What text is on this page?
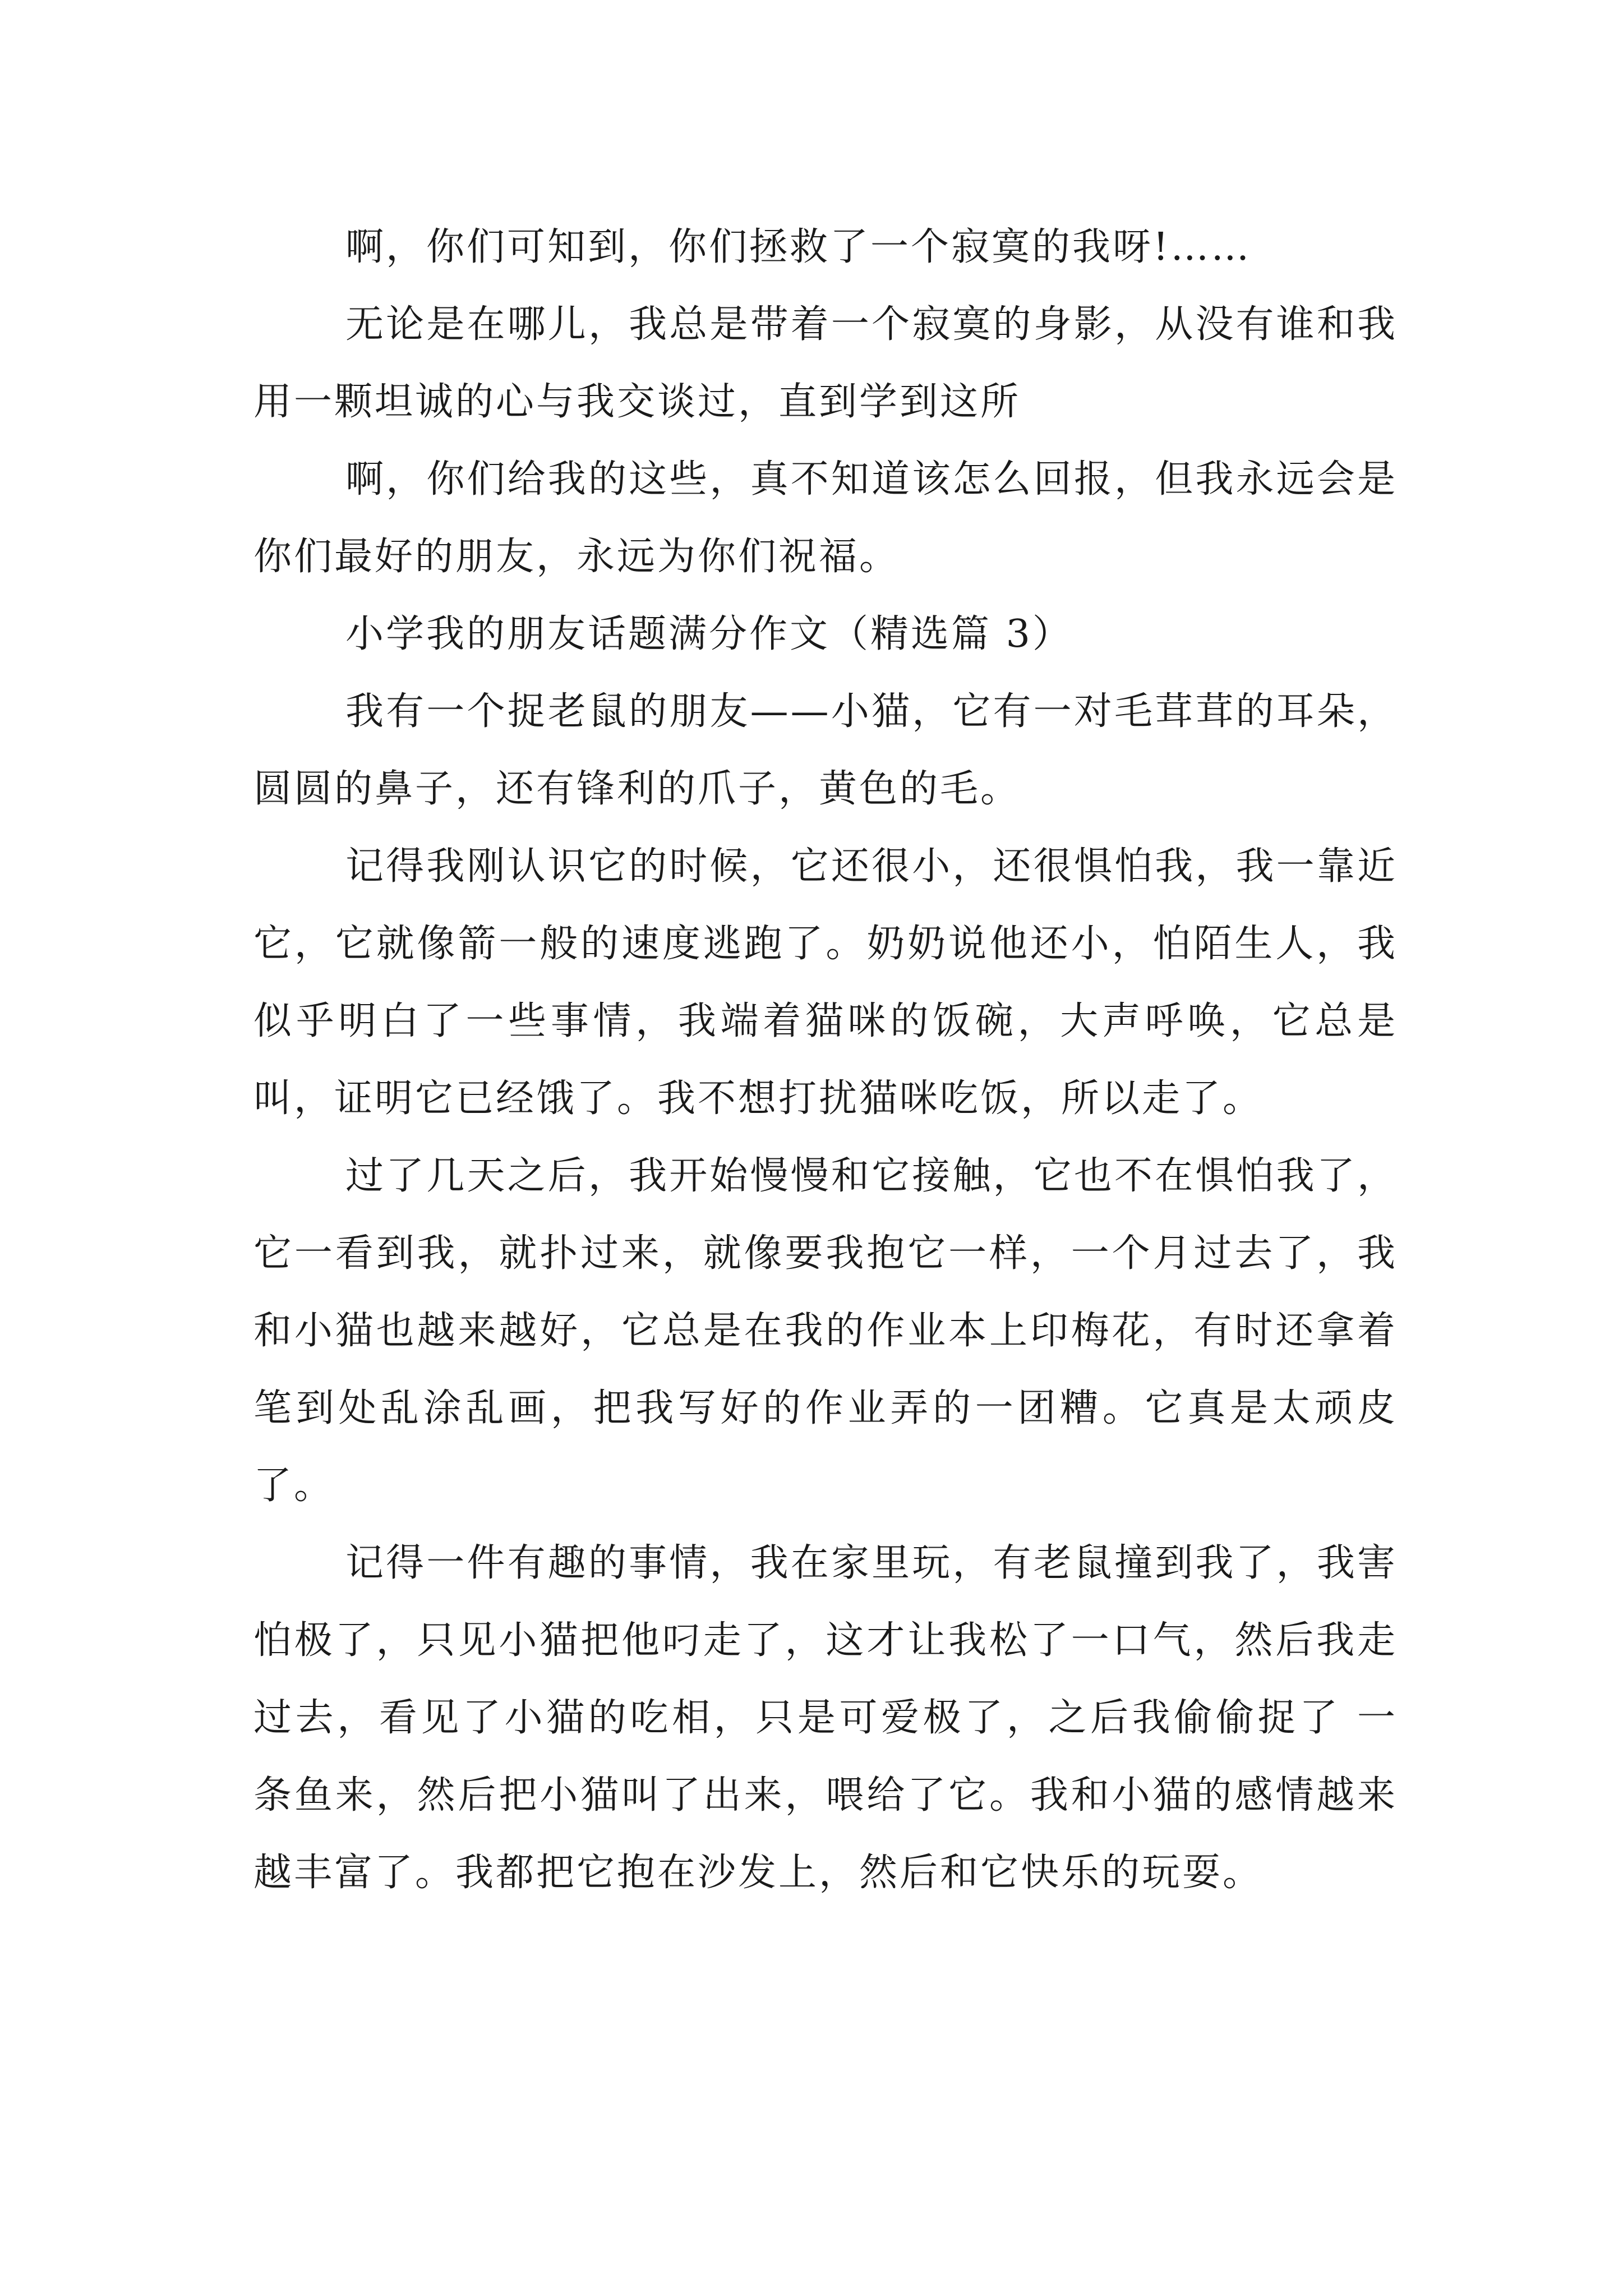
啊，你们可知到，你们拯救了一个寂寞的我呀!……

无论是在哪儿，我总是带着一个寂寞的身影，从没有谁和我用一颗坦诚的心与我交谈过，直到学到这所

啊，你们给我的这些，真不知道该怎么回报，但我永远会是你们最好的朋友，永远为你们祝福。

小学我的朋友话题满分作文（精选篇 3）

我有一个捉老鼠的朋友——小猫，它有一对毛茸茸的耳朵，圆圆的鼻子，还有锋利的爪子，黄色的毛。

记得我刚认识它的时候，它还很小，还很惧怕我，我一靠近它，它就像箭一般的速度逃跑了。奶奶说他还小，怕陌生人，我似乎明白了一些事情，我端着猫咪的饭碗，大声呼唤，它总是叫，证明它已经饿了。我不想打扰猫咪吃饭，所以走了。

过了几天之后，我开始慢慢和它接触，它也不在惧怕我了，它一看到我，就扑过来，就像要我抱它一样，一个月过去了，我和小猫也越来越好，它总是在我的作业本上印梅花，有时还拿着笔到处乱涂乱画，把我写好的作业弄的一团糟。它真是太顽皮了。

记得一件有趣的事情，我在家里玩，有老鼠撞到我了，我害怕极了，只见小猫把他叼走了，这才让我松了一口气，然后我走过去，看见了小猫的吃相，只是可爱极了，之后我偷偷捉了 一条鱼来，然后把小猫叫了出来，喂给了它。我和小猫的感情越来越丰富了。我都把它抱在沙发上，然后和它快乐的玩耍。
